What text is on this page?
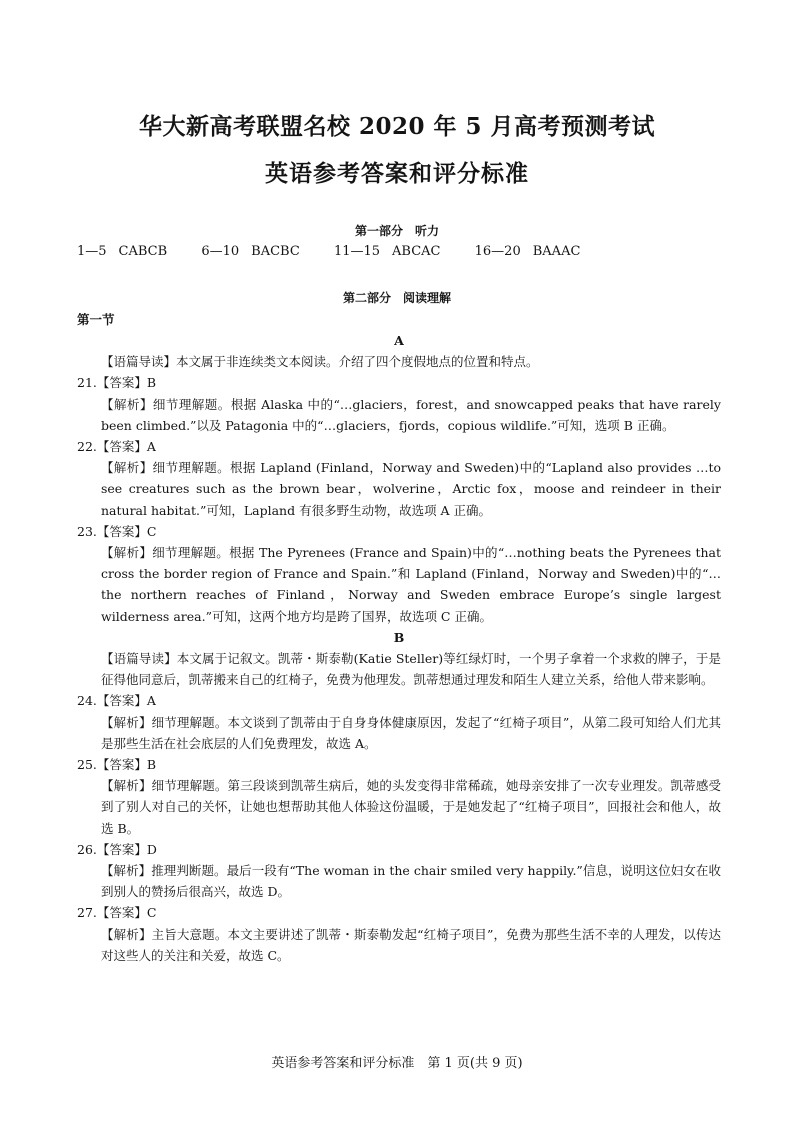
华大新高考联盟名校 2020 年 5 月高考预测考试
英语参考答案和评分标准
第一部分　听力
1—5 CABCB	6—10 BACBC	11—15 ABCAC	16—20 BAAAC
第二部分　阅读理解
第一节

A

【语篇导读】本文属于非连续类文本阅读。介绍了四个度假地点的位置和特点。

21.【答案】B

【解析】细节理解题。根据 Alaska 中的“…glaciers，forest，and snowcapped peaks that have rarely been climbed.”以及 Patagonia 中的“…glaciers，fjords，copious wildlife.”可知，选项 B 正确。

22.【答案】A

【解析】细节理解题。根据 Lapland (Finland，Norway and Sweden)中的“Lapland also provides …to see creatures such as the brown bear，wolverine，Arctic fox，moose and reindeer in their natural habitat.”可知，Lapland 有很多野生动物，故选项 A 正确。

23.【答案】C

【解析】细节理解题。根据 The Pyrenees (France and Spain)中的“…nothing beats the Pyrenees that cross the border region of France and Spain.”和 Lapland (Finland，Norway and Sweden)中的“…the northern reaches of Finland，Norway and Sweden embrace Europe’s single largest wilderness area.”可知，这两个地方均是跨了国界，故选项 C 正确。

B

【语篇导读】本文属于记叙文。凯蒂・斯泰勒(Katie Steller)等红绿灯时，一个男子拿着一个求救的牌子，于是征得他同意后，凯蒂搬来自己的红椅子，免费为他理发。凯蒂想通过理发和陌生人建立关系，给他人带来影响。

24.【答案】A

【解析】细节理解题。本文谈到了凯蒂由于自身身体健康原因，发起了“红椅子项目”，从第二段可知给人们尤其是那些生活在社会底层的人们免费理发，故选 A。

25.【答案】B

【解析】细节理解题。第三段谈到凯蒂生病后，她的头发变得非常稀疏，她母亲安排了一次专业理发。凯蒂感受到了别人对自己的关怀，让她也想帮助其他人体验这份温暖，于是她发起了“红椅子项目”，回报社会和他人，故选 B。

26.【答案】D

【解析】推理判断题。最后一段有“The woman in the chair smiled very happily.”信息，说明这位妇女在收到别人的赞扬后很高兴，故选 D。

27.【答案】C

【解析】主旨大意题。本文主要讲述了凯蒂・斯泰勒发起“红椅子项目”，免费为那些生活不幸的人理发，以传达对这些人的关注和关爱，故选 C。

英语参考答案和评分标准　第 1 页(共 9 页)
